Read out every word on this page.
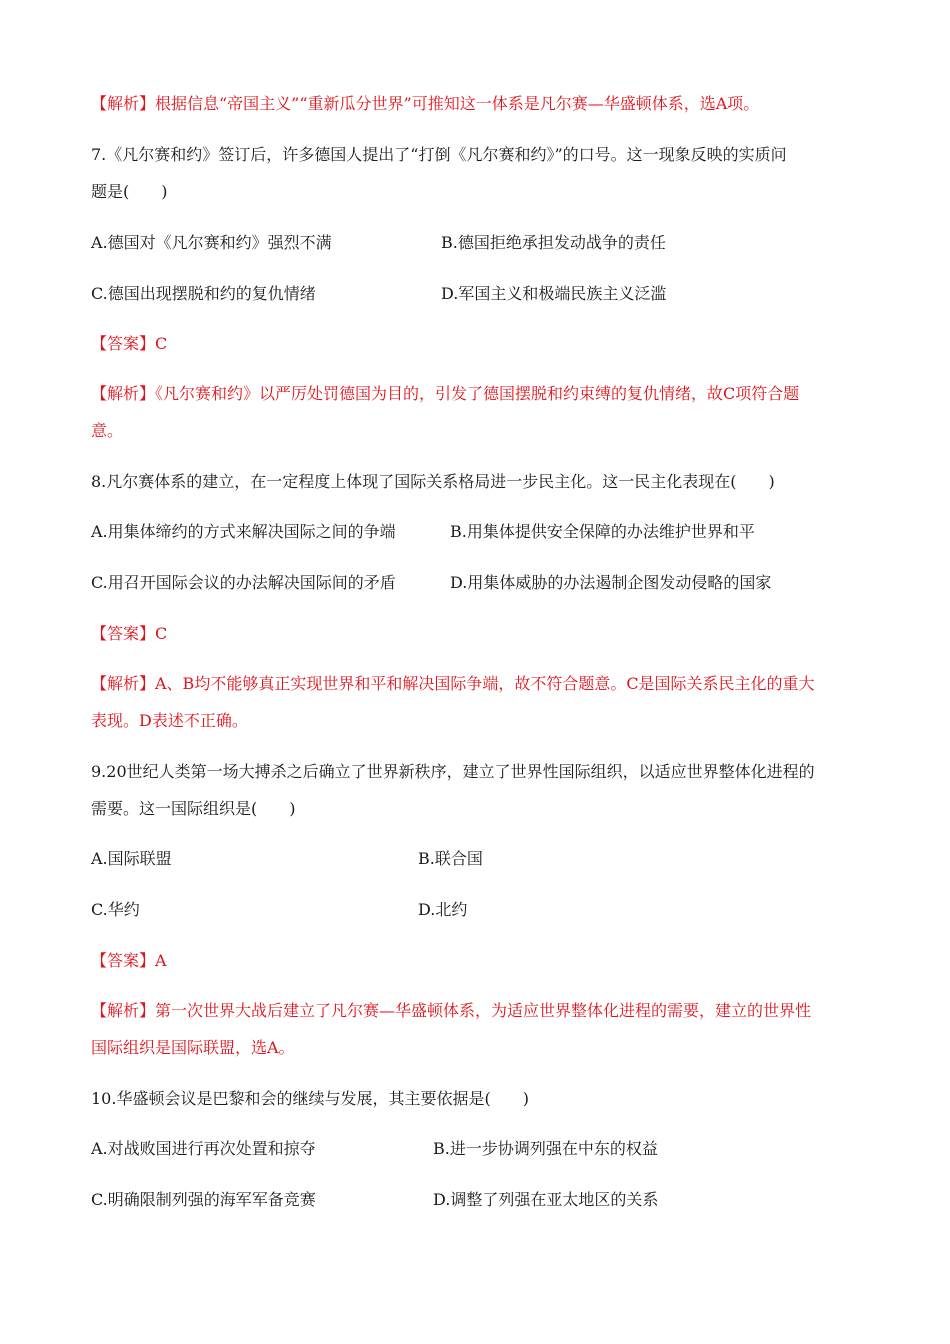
【解析】根据信息“帝国主义”“重新瓜分世界”可推知这一体系是凡尔赛—华盛顿体系，选A项。
7.《凡尔赛和约》签订后，许多德国人提出了“打倒《凡尔赛和约》”的口号。这一现象反映的实质问
题是(　　)
A.德国对《凡尔赛和约》强烈不满	B.德国拒绝承担发动战争的责任
C.德国出现摆脱和约的复仇情绪	D.军国主义和极端民族主义泛滥
【答案】C
【解析】《凡尔赛和约》以严厉处罚德国为目的，引发了德国摆脱和约束缚的复仇情绪，故C项符合题
意。
8.凡尔赛体系的建立，在一定程度上体现了国际关系格局进一步民主化。这一民主化表现在(　　)
A.用集体缔约的方式来解决国际之间的争端	B.用集体提供安全保障的办法维护世界和平
C.用召开国际会议的办法解决国际间的矛盾	D.用集体威胁的办法遏制企图发动侵略的国家
【答案】C
【解析】A、B均不能够真正实现世界和平和解决国际争端，故不符合题意。C是国际关系民主化的重大
表现。D表述不正确。
9.20世纪人类第一场大搏杀之后确立了世界新秩序，建立了世界性国际组织，以适应世界整体化进程的
需要。这一国际组织是(　　)
A.国际联盟	B.联合国
C.华约	D.北约
【答案】A
【解析】第一次世界大战后建立了凡尔赛—华盛顿体系，为适应世界整体化进程的需要，建立的世界性
国际组织是国际联盟，选A。
10.华盛顿会议是巴黎和会的继续与发展，其主要依据是(　　)
A.对战败国进行再次处置和掠夺	B.进一步协调列强在中东的权益
C.明确限制列强的海军军备竞赛	D.调整了列强在亚太地区的关系
